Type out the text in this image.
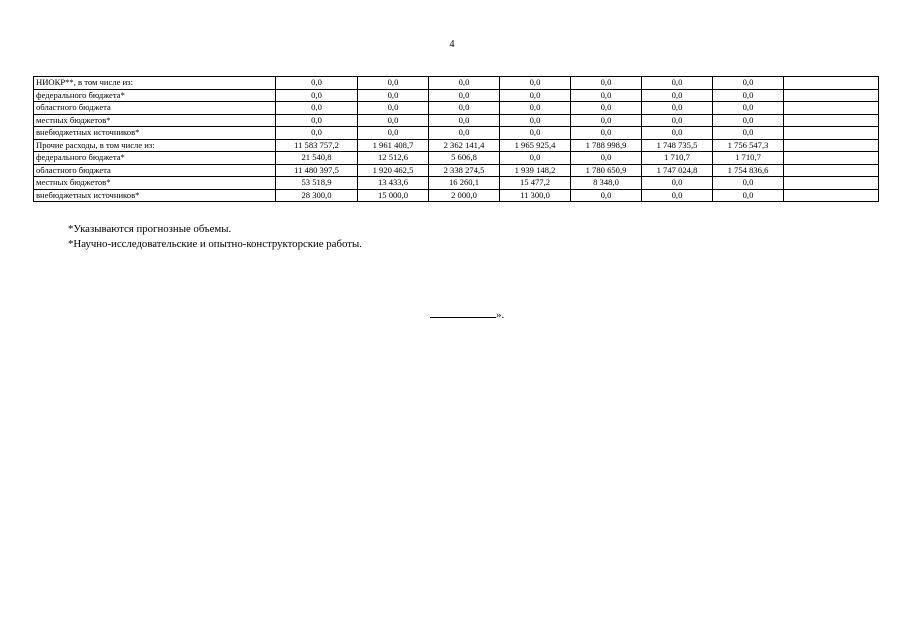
4
НИОКР**, в том числе из:	0,0	0,0	0,0	0,0	0,0	0,0	0,0	
федерального бюджета*	0,0	0,0	0,0	0,0	0,0	0,0	0,0	
областного бюджета	0,0	0,0	0,0	0,0	0,0	0,0	0,0	
местных бюджетов*	0,0	0,0	0,0	0,0	0,0	0,0	0,0	
внебюджетных источников*	0,0	0,0	0,0	0,0	0,0	0,0	0,0	
Прочие расходы, в том числе из:	11 583 757,2	1 961 408,7	2 362 141,4	1 965 925,4	1 788 998,9	1 748 735,5	1 756 547,3	
федерального бюджета*	21 540,8	12 512,6	5 606,8	0,0	0,0	1 710,7	1 710,7	
областного бюджета	11 480 397,5	1 920 462,5	2 338 274,5	1 939 148,2	1 780 650,9	1 747 024,8	1 754 836,6	
местных бюджетов*	53 518,9	13 433,6	16 260,1	15 477,2	8 348,0	0,0	0,0	
внебюджетных источников*	28 300,0	15 000,0	2 000,0	11 300,0	0,0	0,0	0,0	
*Указываются прогнозные объемы.
*Научно-исследовательские и опытно-конструкторские работы.
».
